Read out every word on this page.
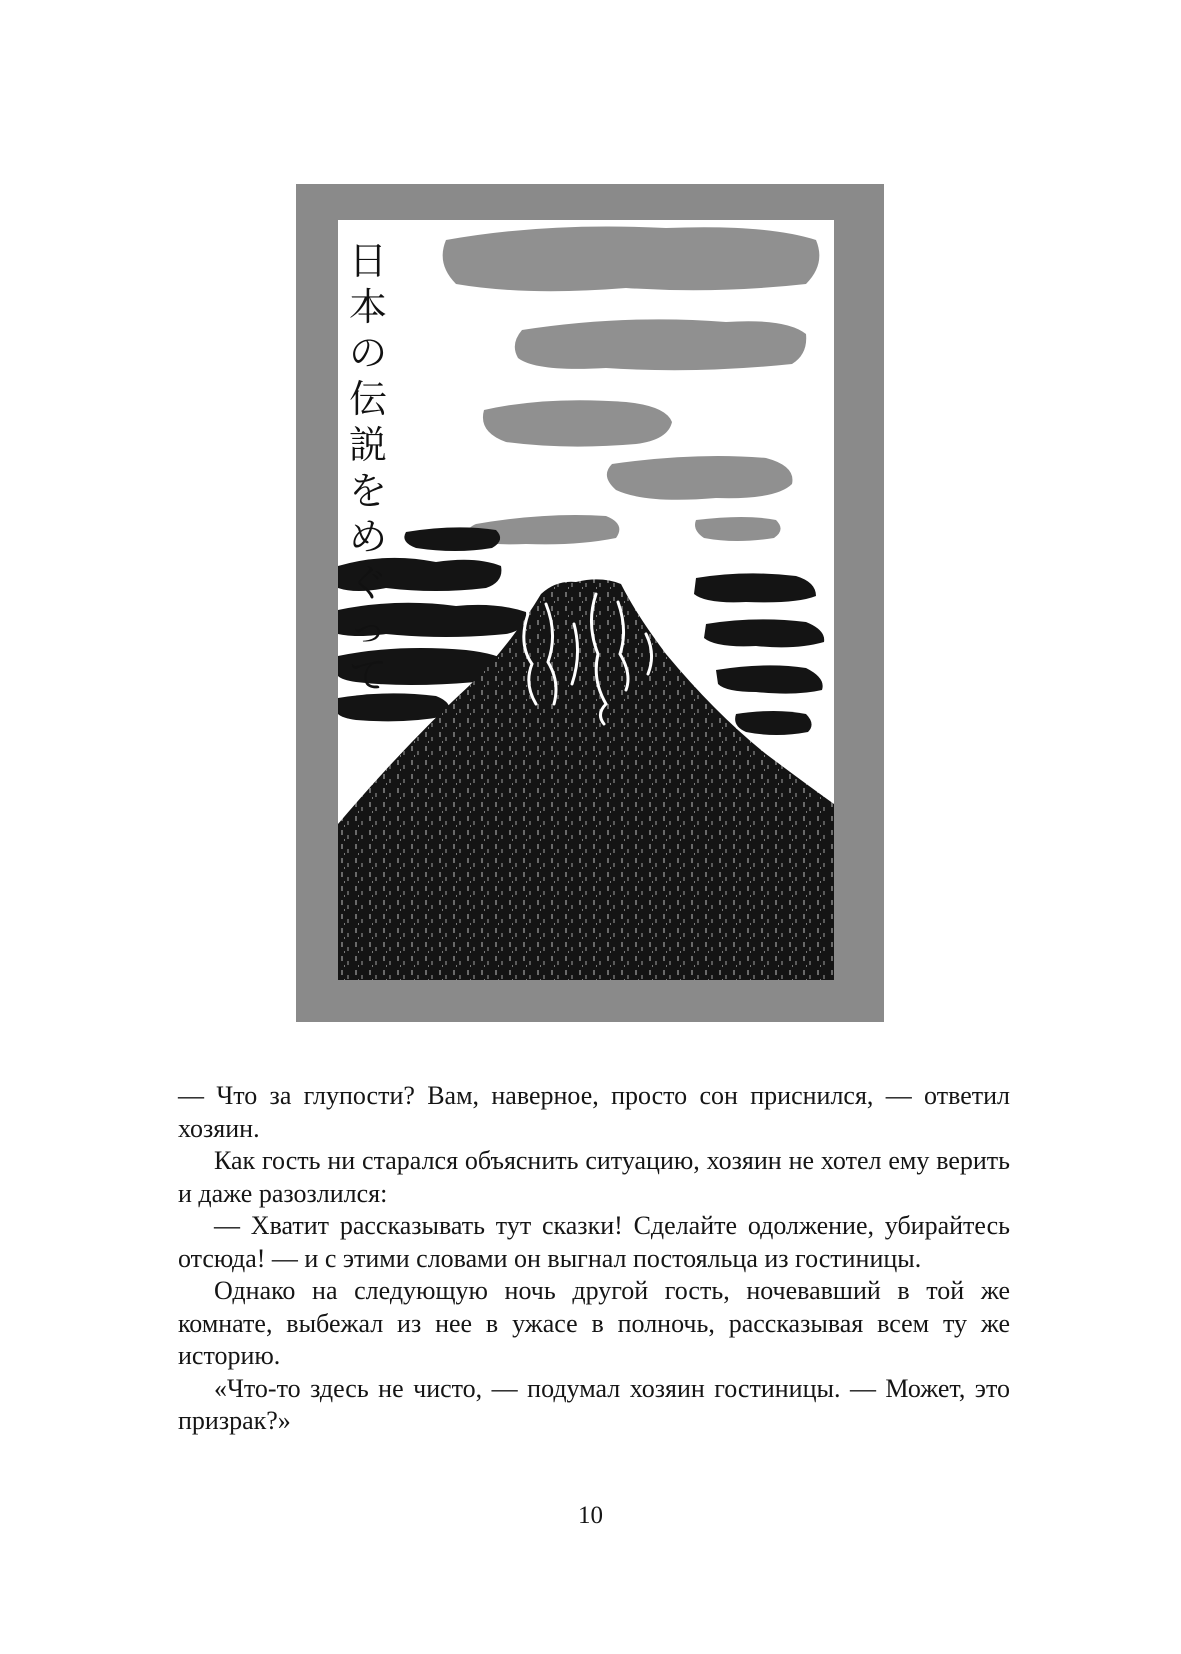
日
本
の
伝
説
を
め
ぐ
っ
て

— Что за глупости? Вам, наверное, просто сон приснился, — ответил хозяин.

Как гость ни старался объяснить ситуацию, хозяин не хотел ему верить и даже разозлился:

— Хватит рассказывать тут сказки! Сделайте одолжение, убирайтесь отсюда! — и с этими словами он выгнал постояльца из гостиницы.

Однако на следующую ночь другой гость, ночевавший в той же комнате, выбежал из нее в ужасе в полночь, рассказывая всем ту же историю.

«Что-то здесь не чисто, — подумал хозяин гостиницы. — Может, это призрак?»

10
